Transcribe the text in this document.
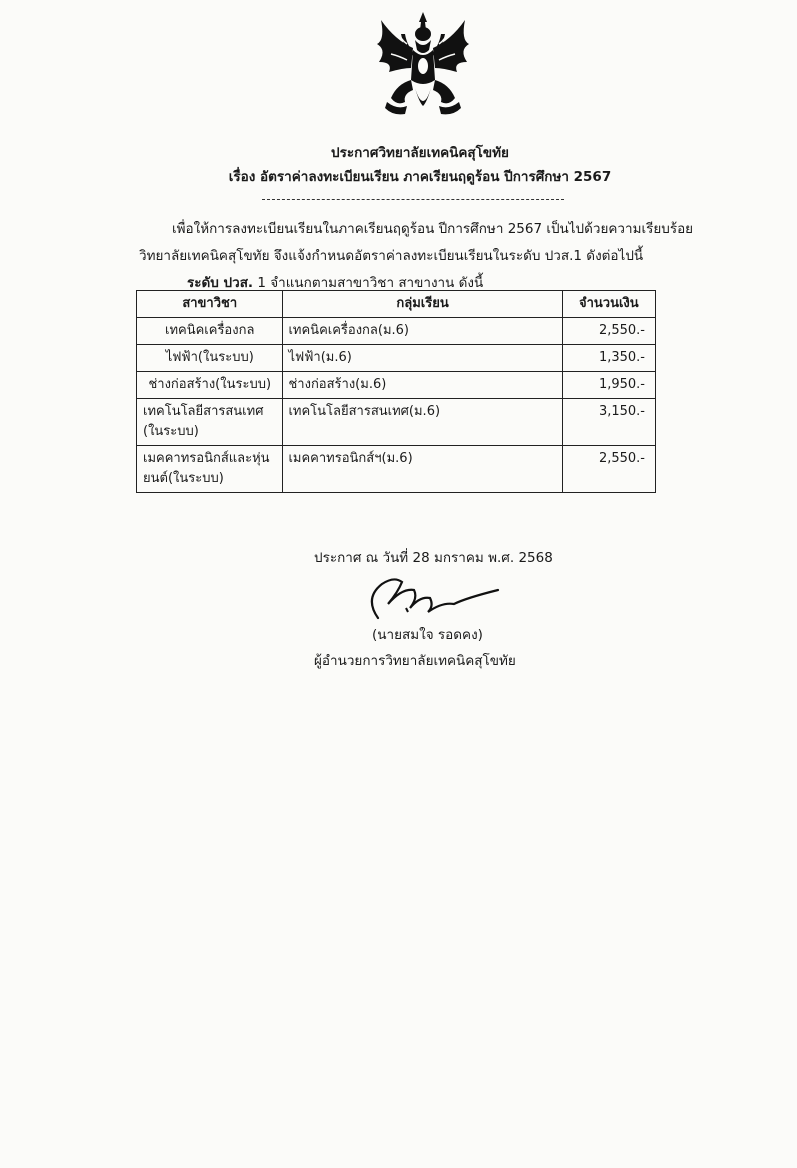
ประกาศวิทยาลัยเทคนิคสุโขทัย
เรื่อง อัตราค่าลงทะเบียนเรียน ภาคเรียนฤดูร้อน ปีการศึกษา 2567
เพื่อให้การลงทะเบียนเรียนในภาคเรียนฤดูร้อน ปีการศึกษา 2567 เป็นไปด้วยความเรียบร้อย
วิทยาลัยเทคนิคสุโขทัย จึงแจ้งกำหนดอัตราค่าลงทะเบียนเรียนในระดับ ปวส.1 ดังต่อไปนี้
ระดับ ปวส. 1 จำแนกตามสาขาวิชา สาขางาน ดังนี้
สาขาวิชา	กลุ่มเรียน	จำนวนเงิน
เทคนิคเครื่องกล	เทคนิคเครื่องกล(ม.6)	2,550.-
ไฟฟ้า(ในระบบ)	ไฟฟ้า(ม.6)	1,350.-
ช่างก่อสร้าง(ในระบบ)	ช่างก่อสร้าง(ม.6)	1,950.-
เทคโนโลยีสารสนเทศ (ในระบบ)	เทคโนโลยีสารสนเทศ(ม.6)	3,150.-
เมคคาทรอนิกส์และหุ่นยนต์(ในระบบ)	เมคคาทรอนิกส์ฯ(ม.6)	2,550.-
ประกาศ ณ วันที่ 28 มกราคม พ.ศ. 2568
(นายสมใจ รอดคง)
ผู้อำนวยการวิทยาลัยเทคนิคสุโขทัย
